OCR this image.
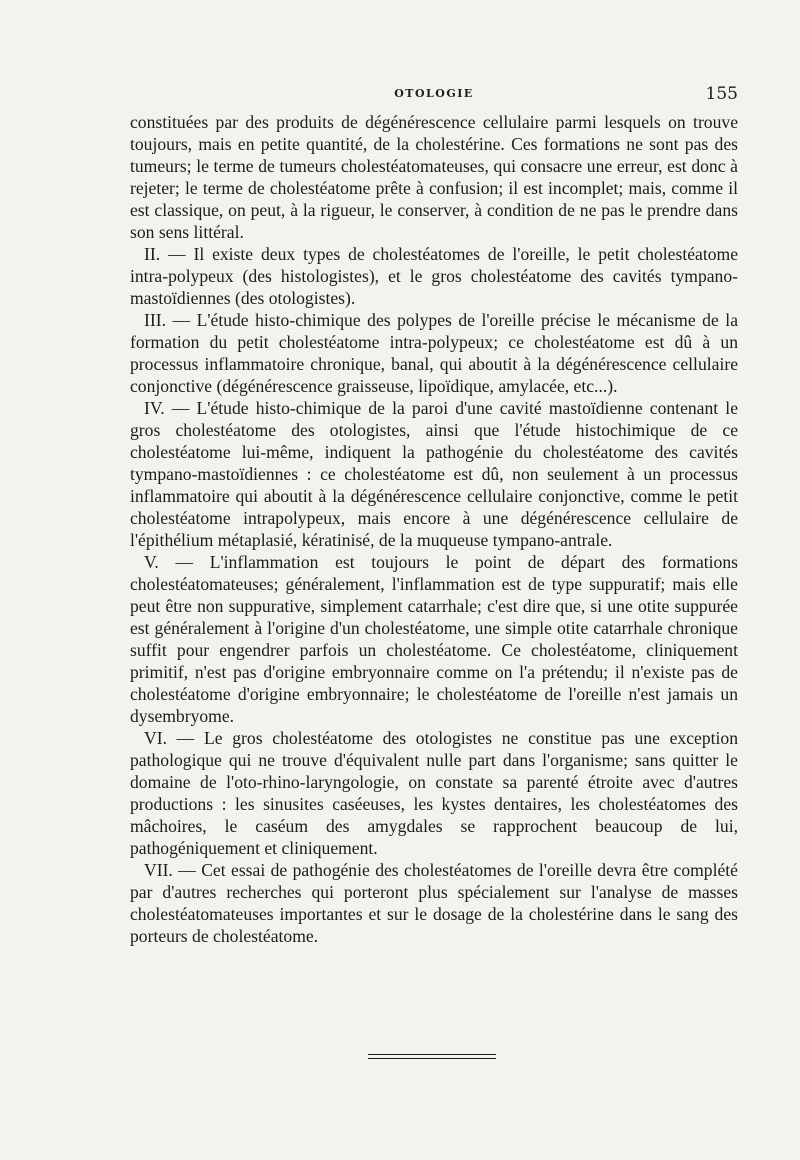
OTOLOGIE	155

constituées par des produits de dégénérescence cellulaire parmi lesquels on trouve toujours, mais en petite quantité, de la cholestérine. Ces formations ne sont pas des tumeurs; le terme de tumeurs cholestéatomateuses, qui consacre une erreur, est donc à rejeter; le terme de cholestéatome prête à confusion; il est incomplet; mais, comme il est classique, on peut, à la rigueur, le conserver, à condition de ne pas le prendre dans son sens littéral.

II. — Il existe deux types de cholestéatomes de l'oreille, le petit cholestéatome intra-polypeux (des histologistes), et le gros cholestéatome des cavités tympano-mastoïdiennes (des otologistes).

III. — L'étude histo-chimique des polypes de l'oreille précise le mécanisme de la formation du petit cholestéatome intra-polypeux; ce cholestéatome est dû à un processus inflammatoire chronique, banal, qui aboutit à la dégénérescence cellulaire conjonctive (dégénérescence graisseuse, lipoïdique, amylacée, etc...).

IV. — L'étude histo-chimique de la paroi d'une cavité mastoïdienne contenant le gros cholestéatome des otologistes, ainsi que l'étude histochimique de ce cholestéatome lui-même, indiquent la pathogénie du cholestéatome des cavités tympano-mastoïdiennes : ce cholestéatome est dû, non seulement à un processus inflammatoire qui aboutit à la dégénérescence cellulaire conjonctive, comme le petit cholestéatome intrapolypeux, mais encore à une dégénérescence cellulaire de l'épithélium métaplasié, kératinisé, de la muqueuse tympano-antrale.

V. — L'inflammation est toujours le point de départ des formations cholestéatomateuses; généralement, l'inflammation est de type suppuratif; mais elle peut être non suppurative, simplement catarrhale; c'est dire que, si une otite suppurée est généralement à l'origine d'un cholestéatome, une simple otite catarrhale chronique suffit pour engendrer parfois un cholestéatome. Ce cholestéatome, cliniquement primitif, n'est pas d'origine embryonnaire comme on l'a prétendu; il n'existe pas de cholestéatome d'origine embryonnaire; le cholestéatome de l'oreille n'est jamais un dysembryome.

VI. — Le gros cholestéatome des otologistes ne constitue pas une exception pathologique qui ne trouve d'équivalent nulle part dans l'organisme; sans quitter le domaine de l'oto-rhino-laryngologie, on constate sa parenté étroite avec d'autres productions : les sinusites caséeuses, les kystes dentaires, les cholestéatomes des mâchoires, le caséum des amygdales se rapprochent beaucoup de lui, pathogéniquement et cliniquement.

VII. — Cet essai de pathogénie des cholestéatomes de l'oreille devra être complété par d'autres recherches qui porteront plus spécialement sur l'analyse de masses cholestéatomateuses importantes et sur le dosage de la cholestérine dans le sang des porteurs de cholestéatome.
